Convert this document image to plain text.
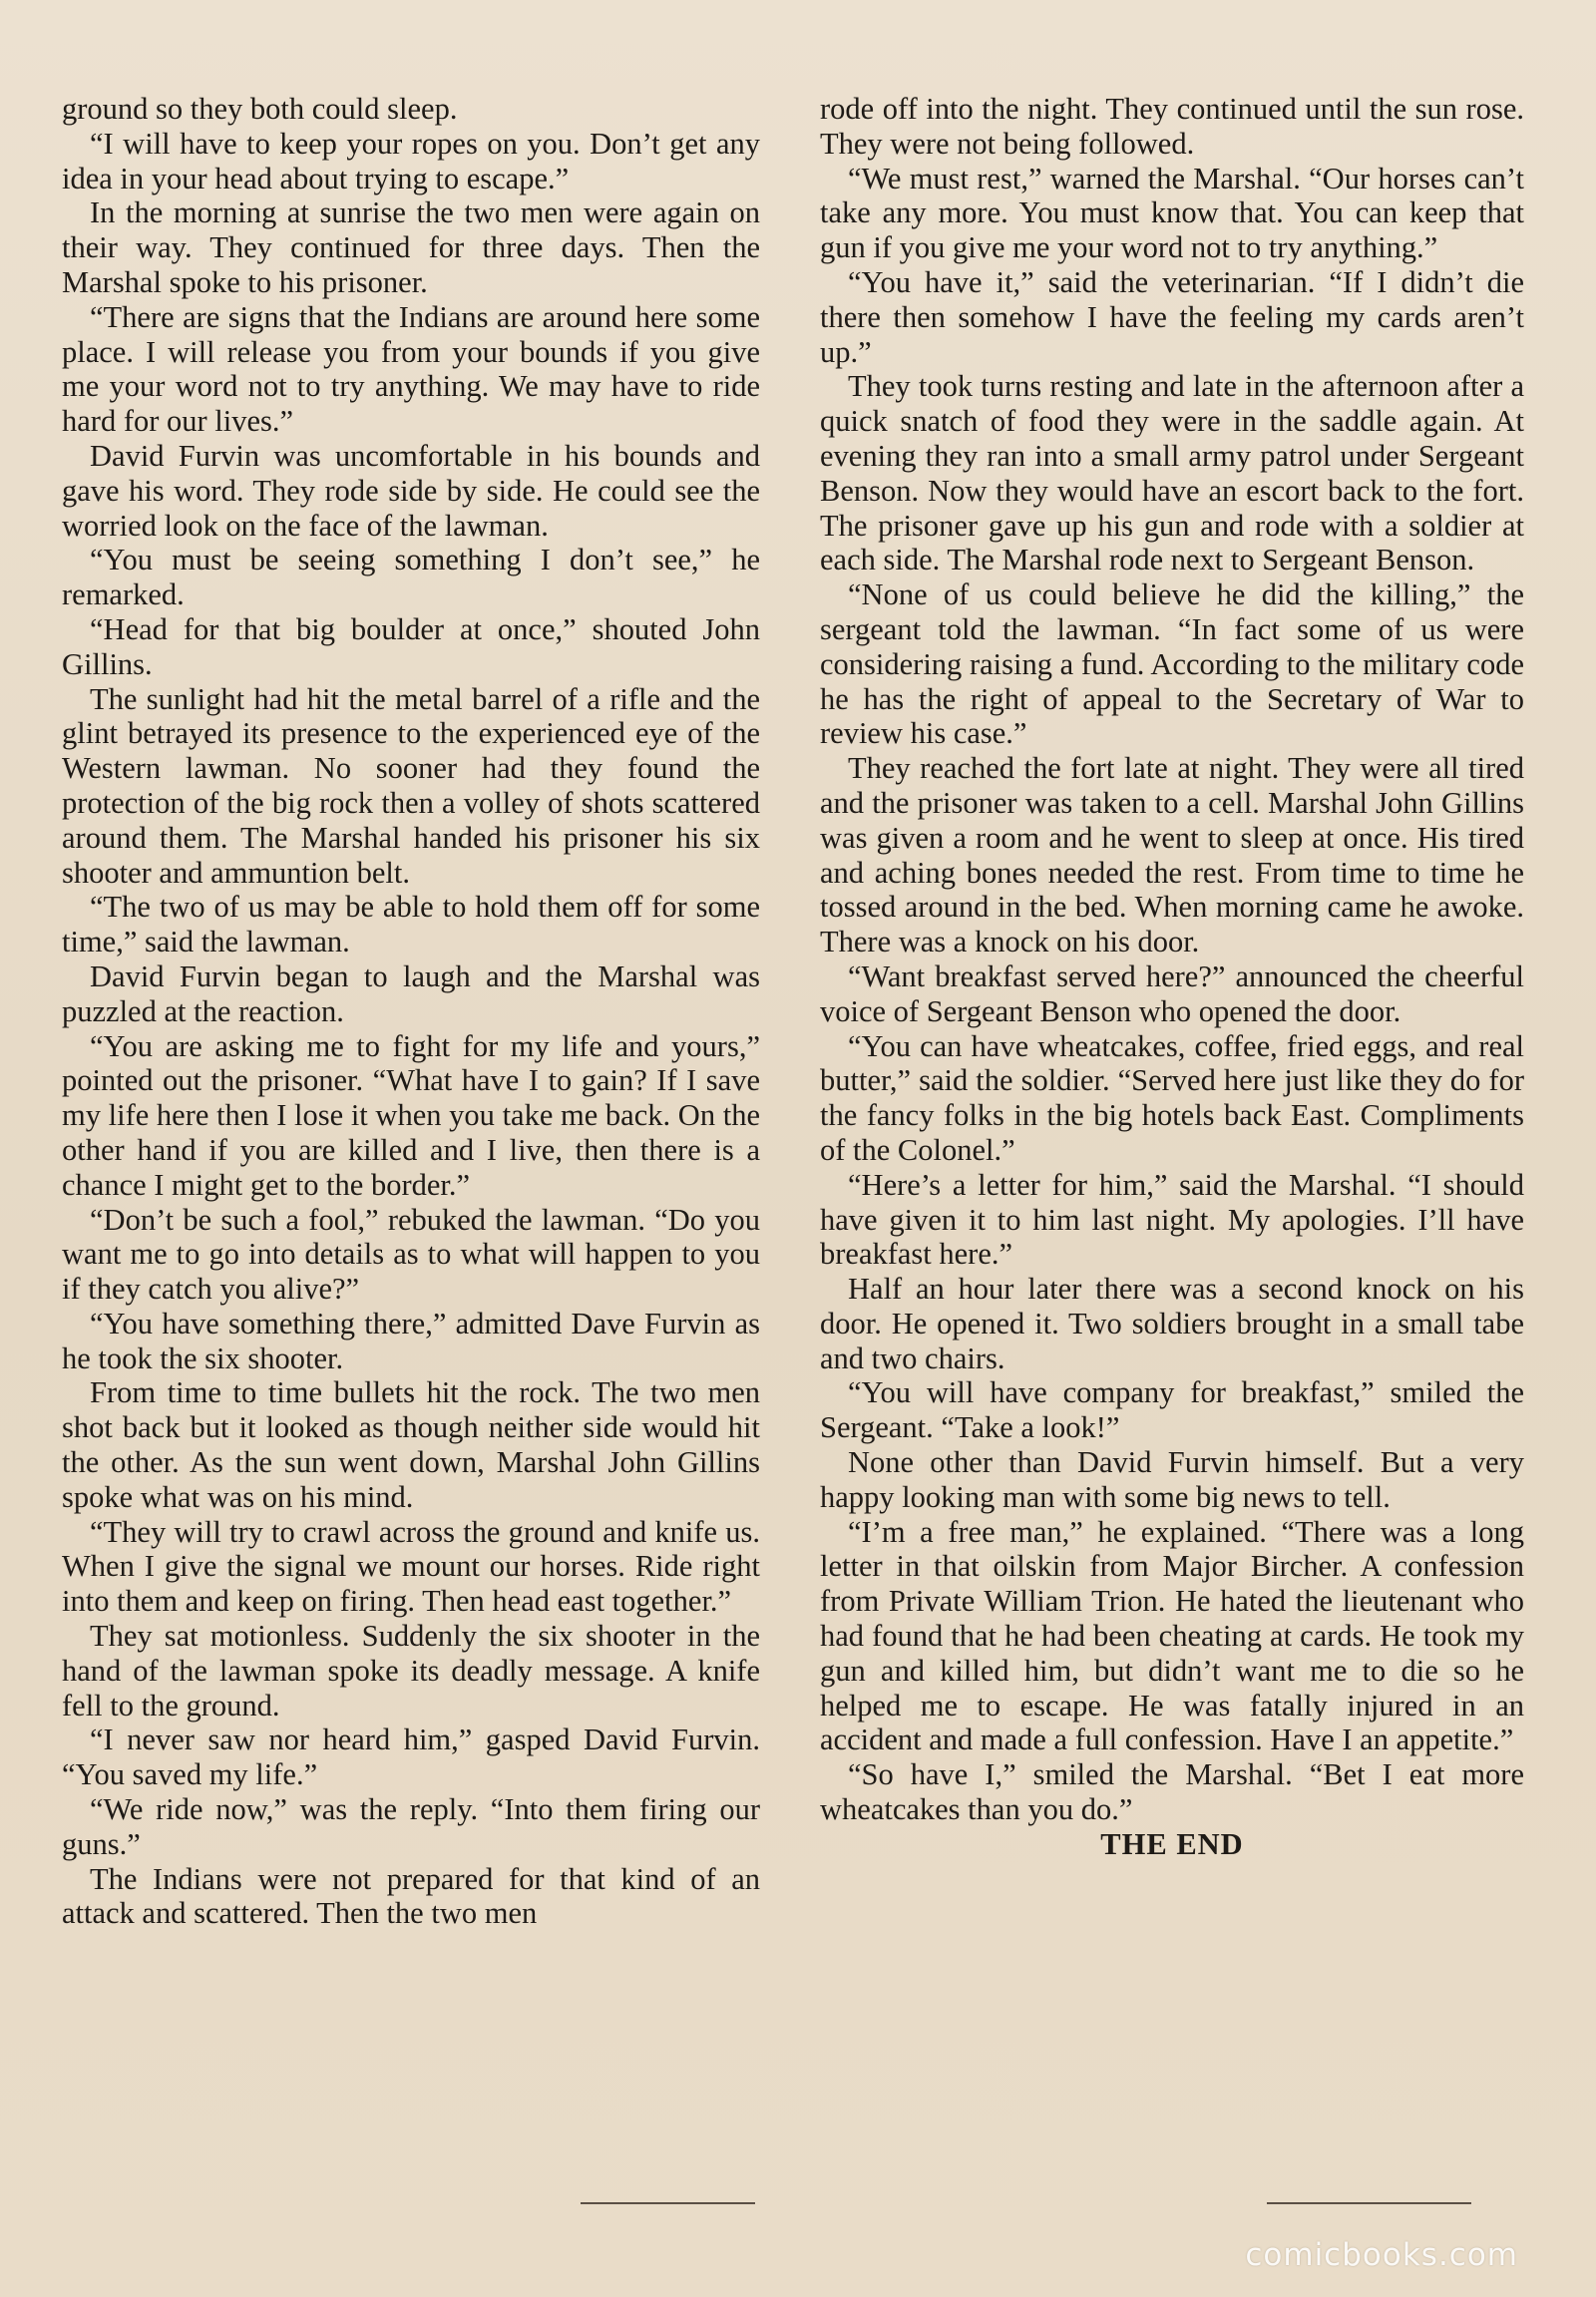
ground so they both could sleep.

“I will have to keep your ropes on you. Don’t get any idea in your head about trying to escape.”

In the morning at sunrise the two men were again on their way. They continued for three days. Then the Marshal spoke to his prisoner.

“There are signs that the Indians are around here some place. I will release you from your bounds if you give me your word not to try anything. We may have to ride hard for our lives.”

David Furvin was uncomfortable in his bounds and gave his word. They rode side by side. He could see the worried look on the face of the lawman.

“You must be seeing something I don’t see,” he remarked.

“Head for that big boulder at once,” shouted John Gillins.

The sunlight had hit the metal barrel of a rifle and the glint betrayed its presence to the experienced eye of the Western lawman. No sooner had they found the protection of the big rock then a volley of shots scattered around them. The Marshal handed his prisoner his six shooter and ammuntion belt.

“The two of us may be able to hold them off for some time,” said the lawman.

David Furvin began to laugh and the Marshal was puzzled at the reaction.

“You are asking me to fight for my life and yours,” pointed out the prisoner. “What have I to gain? If I save my life here then I lose it when you take me back. On the other hand if you are killed and I live, then there is a chance I might get to the border.”

“Don’t be such a fool,” rebuked the lawman. “Do you want me to go into details as to what will happen to you if they catch you alive?”

“You have something there,” admitted Dave Furvin as he took the six shooter.

From time to time bullets hit the rock. The two men shot back but it looked as though neither side would hit the other. As the sun went down, Marshal John Gillins spoke what was on his mind.

“They will try to crawl across the ground and knife us. When I give the signal we mount our horses. Ride right into them and keep on firing. Then head east together.”

They sat motionless. Suddenly the six shooter in the hand of the lawman spoke its deadly message. A knife fell to the ground.

“I never saw nor heard him,” gasped David Furvin. “You saved my life.”

“We ride now,” was the reply. “Into them firing our guns.”

The Indians were not prepared for that kind of an attack and scattered. Then the two men

rode off into the night. They continued until the sun rose. They were not being followed.

“We must rest,” warned the Marshal. “Our horses can’t take any more. You must know that. You can keep that gun if you give me your word not to try anything.”

“You have it,” said the veterinarian. “If I didn’t die there then somehow I have the feeling my cards aren’t up.”

They took turns resting and late in the afternoon after a quick snatch of food they were in the saddle again. At evening they ran into a small army patrol under Sergeant Benson. Now they would have an escort back to the fort. The prisoner gave up his gun and rode with a soldier at each side. The Marshal rode next to Sergeant Benson.

“None of us could believe he did the killing,” the sergeant told the lawman. “In fact some of us were considering raising a fund. According to the military code he has the right of appeal to the Secretary of War to review his case.”

They reached the fort late at night. They were all tired and the prisoner was taken to a cell. Marshal John Gillins was given a room and he went to sleep at once. His tired and aching bones needed the rest. From time to time he tossed around in the bed. When morning came he awoke. There was a knock on his door.

“Want breakfast served here?” announced the cheerful voice of Sergeant Benson who opened the door.

“You can have wheatcakes, coffee, fried eggs, and real butter,” said the soldier. “Served here just like they do for the fancy folks in the big hotels back East. Compliments of the Colonel.”

“Here’s a letter for him,” said the Marshal. “I should have given it to him last night. My apologies. I’ll have breakfast here.”

Half an hour later there was a second knock on his door. He opened it. Two soldiers brought in a small tabe and two chairs.

“You will have company for breakfast,” smiled the Sergeant. “Take a look!”

None other than David Furvin himself. But a very happy looking man with some big news to tell.

“I’m a free man,” he explained. “There was a long letter in that oilskin from Major Bircher. A confession from Private William Trion. He hated the lieutenant who had found that he had been cheating at cards. He took my gun and killed him, but didn’t want me to die so he helped me to escape. He was fatally injured in an accident and made a full confession. Have I an appetite.”

“So have I,” smiled the Marshal. “Bet I eat more wheatcakes than you do.”

THE END

comicbooks.com
